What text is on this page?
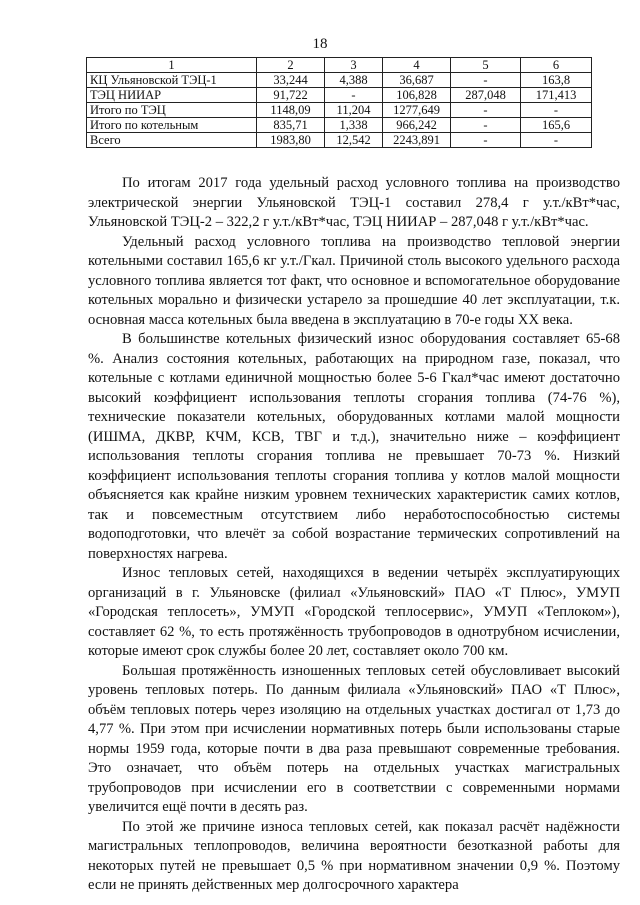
18
1	2	3	4	5	6
КЦ Ульяновской ТЭЦ-1	33,244	4,388	36,687	-	163,8
ТЭЦ НИИАР	91,722	-	106,828	287,048	171,413
Итого по ТЭЦ	1148,09	11,204	1277,649	-	-
Итого по котельным	835,71	1,338	966,242	-	165,6
Всего	1983,80	12,542	2243,891	-	-

По итогам 2017 года удельный расход условного топлива на производство электрической энергии Ульяновской ТЭЦ-1 составил 278,4 г у.т./кВт*час, Ульяновской ТЭЦ-2 – 322,2 г у.т./кВт*час, ТЭЦ НИИАР – 287,048 г у.т./кВт*час.

Удельный расход условного топлива на производство тепловой энергии котельными составил 165,6 кг у.т./Гкал. Причиной столь высокого удельного расхода условного топлива является тот факт, что основное и вспомогательное оборудование котельных морально и физически устарело за прошедшие 40 лет эксплуатации, т.к. основная масса котельных была введена в эксплуатацию в 70-е годы XX века.

В большинстве котельных физический износ оборудования составляет 65-68 %. Анализ состояния котельных, работающих на природном газе, показал, что котельные с котлами единичной мощностью более 5-6 Гкал*час имеют достаточно высокий коэффициент использования теплоты сгорания топлива (74-76 %), технические показатели котельных, оборудованных котлами малой мощности (ИШМА, ДКВР, КЧМ, КСВ, ТВГ и т.д.), значительно ниже – коэффициент использования теплоты сгорания топлива не превышает 70-73 %. Низкий коэффициент использования теплоты сгорания топлива у котлов малой мощности объясняется как крайне низким уровнем технических характеристик самих котлов, так и повсеместным отсутствием либо неработоспособностью системы водоподготовки, что влечёт за собой возрастание термических сопротивлений на поверхностях нагрева.

Износ тепловых сетей, находящихся в ведении четырёх эксплуатирующих организаций в г. Ульяновске (филиал «Ульяновский» ПАО «Т Плюс», УМУП «Городская теплосеть», УМУП «Городской теплосервис», УМУП «Теплоком»), составляет 62 %, то есть протяжённость трубопроводов в однотрубном исчислении, которые имеют срок службы более 20 лет, составляет около 700 км.

Большая протяжённость изношенных тепловых сетей обусловливает высокий уровень тепловых потерь. По данным филиала «Ульяновский» ПАО «Т Плюс», объём тепловых потерь через изоляцию на отдельных участках достигал от 1,73 до 4,77 %. При этом при исчислении нормативных потерь были использованы старые нормы 1959 года, которые почти в два раза превышают современные требования. Это означает, что объём потерь на отдельных участках магистральных трубопроводов при исчислении его в соответствии с современными нормами увеличится ещё почти в десять раз.

По этой же причине износа тепловых сетей, как показал расчёт надёжности магистральных теплопроводов, величина вероятности безотказной работы для некоторых путей не превышает 0,5 % при нормативном значении 0,9 %. Поэтому если не принять действенных мер долгосрочного характера
